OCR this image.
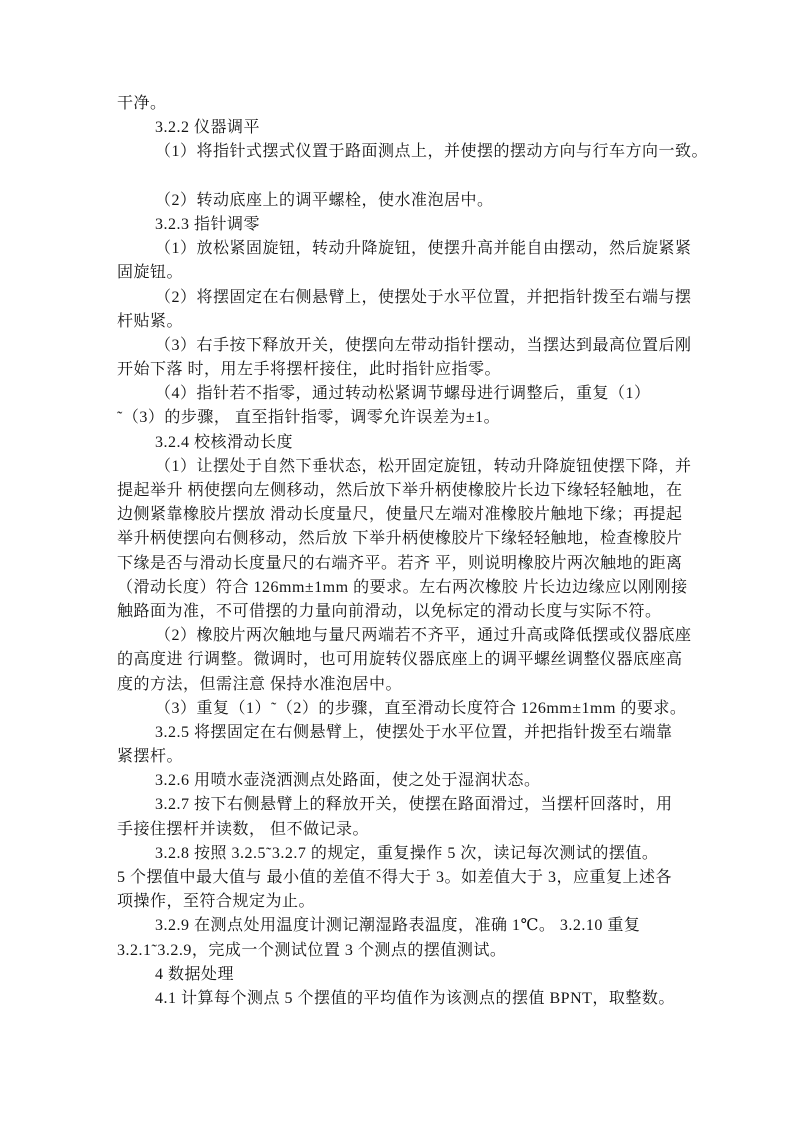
干净。
3.2.2 仪器调平
（1）将指针式摆式仪置于路面测点上，并使摆的摆动方向与行车方向一致。
（2）转动底座上的调平螺栓，使水准泡居中。
3.2.3 指针调零
（1）放松紧固旋钮，转动升降旋钮，使摆升高并能自由摆动，然后旋紧紧
固旋钮。
（2）将摆固定在右侧悬臂上，使摆处于水平位置，并把指针拨至右端与摆
杆贴紧。
（3）右手按下释放开关，使摆向左带动指针摆动，当摆达到最高位置后刚
开始下落 时，用左手将摆杆接住，此时指针应指零。
（4）指针若不指零，通过转动松紧调节螺母进行调整后，重复（1）
˜（3）的步骤， 直至指针指零，调零允许误差为±1。
3.2.4 校核滑动长度
（1）让摆处于自然下垂状态，松开固定旋钮，转动升降旋钮使摆下降，并
提起举升 柄使摆向左侧移动，然后放下举升柄使橡胶片长边下缘轻轻触地，在
边侧紧靠橡胶片摆放 滑动长度量尺，使量尺左端对准橡胶片触地下缘；再提起
举升柄使摆向右侧移动，然后放 下举升柄使橡胶片下缘轻轻触地，检查橡胶片
下缘是否与滑动长度量尺的右端齐平。若齐 平，则说明橡胶片两次触地的距离
（滑动长度）符合 126mm±1mm 的要求。左右两次橡胶 片长边边缘应以刚刚接
触路面为准，不可借摆的力量向前滑动，以免标定的滑动长度与实际不符。
（2）橡胶片两次触地与量尺两端若不齐平，通过升高或降低摆或仪器底座
的高度进 行调整。微调时，也可用旋转仪器底座上的调平螺丝调整仪器底座高
度的方法，但需注意 保持水准泡居中。
（3）重复（1）˜（2）的步骤，直至滑动长度符合 126mm±1mm 的要求。
3.2.5 将摆固定在右侧悬臂上，使摆处于水平位置，并把指针拨至右端靠
紧摆杆。
3.2.6 用喷水壶浇洒测点处路面，使之处于湿润状态。
3.2.7 按下右侧悬臂上的释放开关，使摆在路面滑过，当摆杆回落时，用
手接住摆杆并读数， 但不做记录。
3.2.8 按照 3.2.5˜3.2.7 的规定，重复操作 5 次，读记每次测试的摆值。
5 个摆值中最大值与 最小值的差值不得大于 3。如差值大于 3，应重复上述各
项操作，至符合规定为止。
3.2.9 在测点处用温度计测记潮湿路表温度，准确 1℃。 3.2.10 重复
3.2.1˜3.2.9，完成一个测试位置 3 个测点的摆值测试。
4 数据处理
4.1 计算每个测点 5 个摆值的平均值作为该测点的摆值 BPNT，取整数。
